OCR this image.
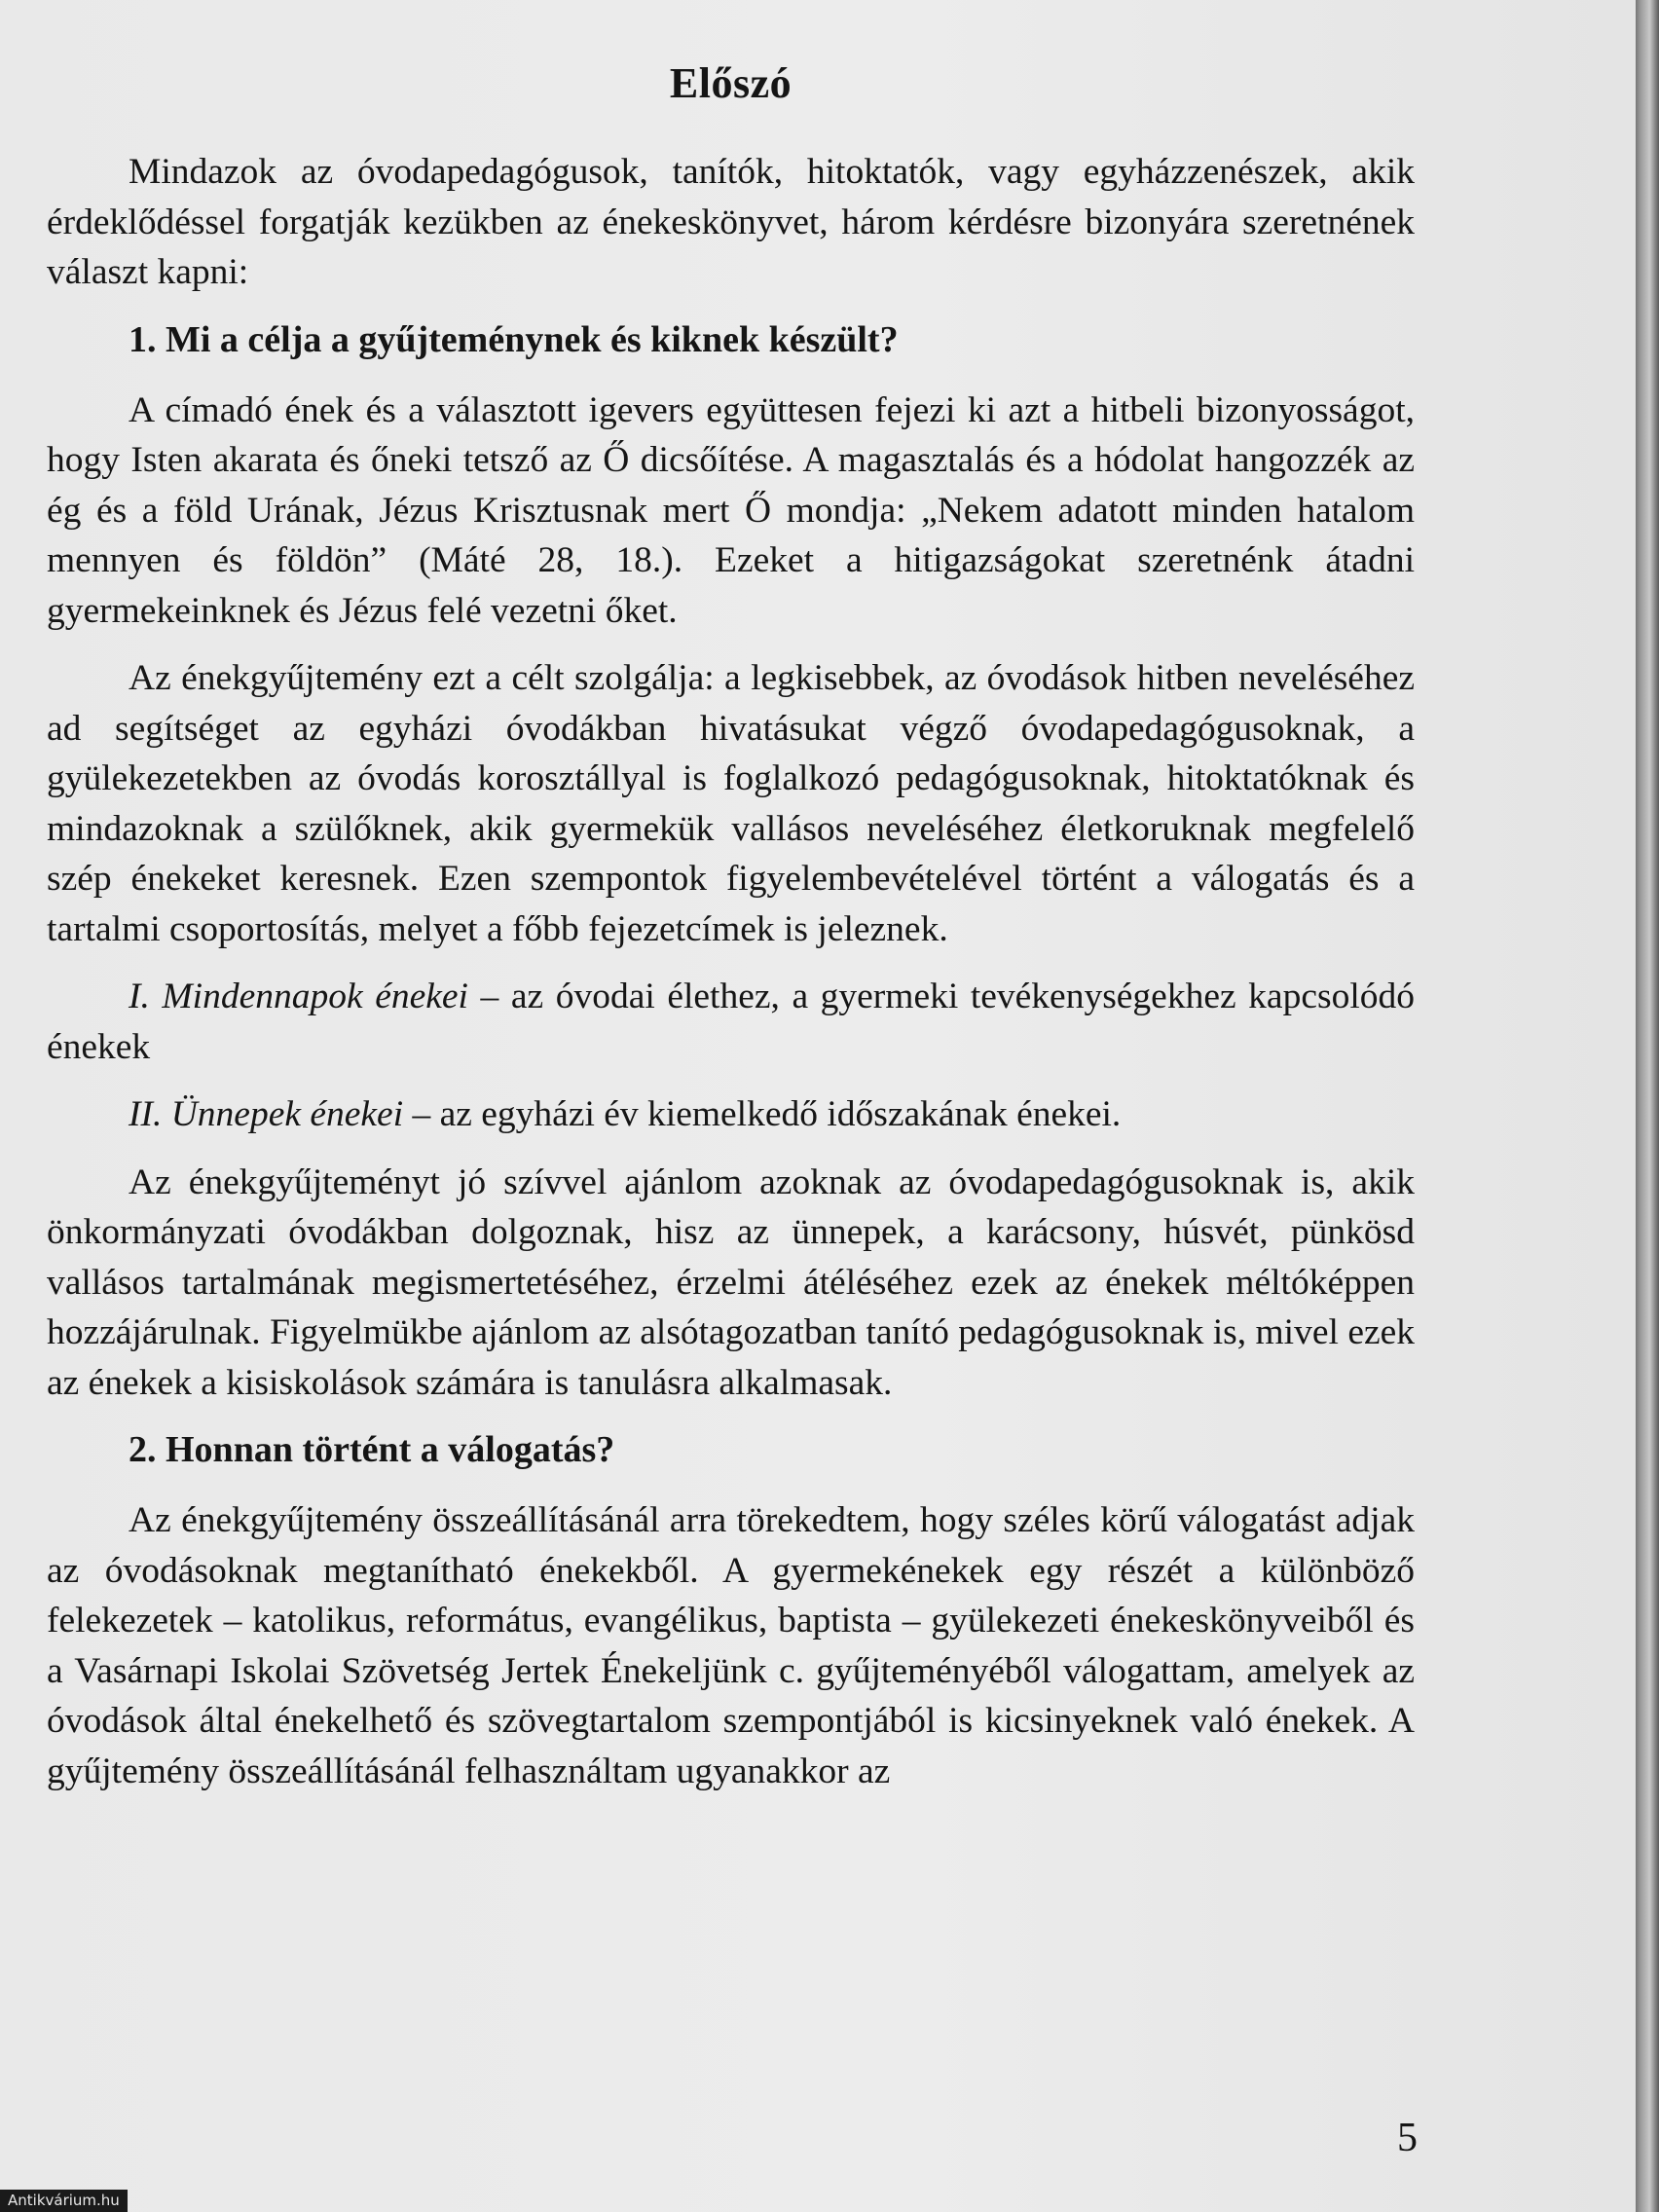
Előszó

Mindazok az óvodapedagógusok, tanítók, hitoktatók, vagy egyházzenészek, akik érdeklődéssel forgatják kezükben az énekeskönyvet, három kérdésre bizonyára szeretnének választ kapni:

1. Mi a célja a gyűjteménynek és kiknek készült?

A címadó ének és a választott igevers együttesen fejezi ki azt a hitbeli bizonyosságot, hogy Isten akarata és őneki tetsző az Ő dicsőítése. A magasztalás és a hódolat hangozzék az ég és a föld Urának, Jézus Krisztusnak mert Ő mondja: „Nekem adatott minden hatalom mennyen és földön” (Máté 28, 18.). Ezeket a hitigazságokat szeretnénk átadni gyermekeinknek és Jézus felé vezetni őket.

Az énekgyűjtemény ezt a célt szolgálja: a legkisebbek, az óvodások hitben neveléséhez ad segítséget az egyházi óvodákban hivatásukat végző óvodapedagógusoknak, a gyülekezetekben az óvodás korosztállyal is foglalkozó pedagógusoknak, hitoktatóknak és mindazoknak a szülőknek, akik gyermekük vallásos neveléséhez életkoruknak megfelelő szép énekeket keresnek. Ezen szempontok figyelembevételével történt a válogatás és a tartalmi csoportosítás, melyet a főbb fejezetcímek is jeleznek.

I. Mindennapok énekei – az óvodai élethez, a gyermeki tevékenységekhez kapcsolódó énekek

II. Ünnepek énekei – az egyházi év kiemelkedő időszakának énekei.

Az énekgyűjteményt jó szívvel ajánlom azoknak az óvodapedagógusoknak is, akik önkormányzati óvodákban dolgoznak, hisz az ünnepek, a karácsony, húsvét, pünkösd vallásos tartalmának megismertetéséhez, érzelmi átéléséhez ezek az énekek méltóképpen hozzájárulnak. Figyelmükbe ajánlom az alsótagozatban tanító pedagógusoknak is, mivel ezek az énekek a kisiskolások számára is tanulásra alkalmasak.

2. Honnan történt a válogatás?

Az énekgyűjtemény összeállításánál arra törekedtem, hogy széles körű válogatást adjak az óvodásoknak megtanítható énekekből. A gyermekénekek egy részét a különböző felekezetek – katolikus, református, evangélikus, baptista – gyülekezeti énekeskönyveiből és a Vasárnapi Iskolai Szövetség Jertek Énekeljünk c. gyűjteményéből válogattam, amelyek az óvodások által énekelhető és szövegtartalom szempontjából is kicsinyeknek való énekek. A gyűjtemény összeállításánál felhasználtam ugyanakkor az

5
Antikvárium.hu
